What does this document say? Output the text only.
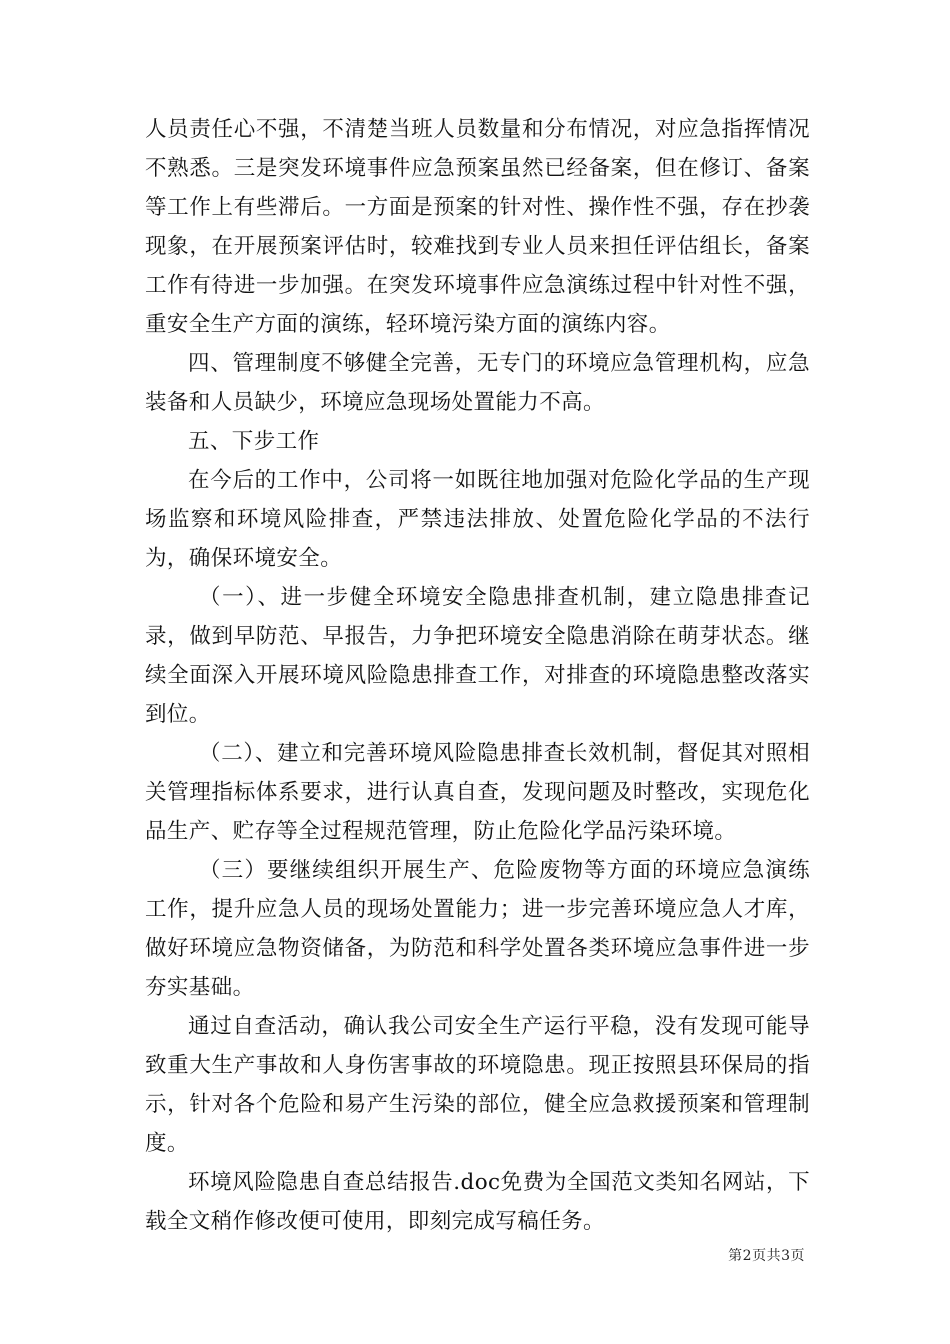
人员责任心不强，不清楚当班人员数量和分布情况，对应急指挥情况不熟悉。三是突发环境事件应急预案虽然已经备案，但在修订、备案等工作上有些滞后。一方面是预案的针对性、操作性不强，存在抄袭现象，在开展预案评估时，较难找到专业人员来担任评估组长，备案工作有待进一步加强。在突发环境事件应急演练过程中针对性不强，重安全生产方面的演练，轻环境污染方面的演练内容。

四、管理制度不够健全完善，无专门的环境应急管理机构，应急装备和人员缺少，环境应急现场处置能力不高。

五、下步工作

在今后的工作中，公司将一如既往地加强对危险化学品的生产现场监察和环境风险排查，严禁违法排放、处置危险化学品的不法行为，确保环境安全。

（一）、进一步健全环境安全隐患排查机制，建立隐患排查记录，做到早防范、早报告，力争把环境安全隐患消除在萌芽状态。继续全面深入开展环境风险隐患排查工作，对排查的环境隐患整改落实到位。

（二）、建立和完善环境风险隐患排查长效机制，督促其对照相关管理指标体系要求，进行认真自查，发现问题及时整改，实现危化品生产、贮存等全过程规范管理，防止危险化学品污染环境。

（三）要继续组织开展生产、危险废物等方面的环境应急演练工作，提升应急人员的现场处置能力；进一步完善环境应急人才库，做好环境应急物资储备，为防范和科学处置各类环境应急事件进一步夯实基础。

通过自查活动，确认我公司安全生产运行平稳，没有发现可能导致重大生产事故和人身伤害事故的环境隐患。现正按照县环保局的指示，针对各个危险和易产生污染的部位，健全应急救援预案和管理制度。

环境风险隐患自查总结报告.doc免费为全国范文类知名网站，下载全文稍作修改便可使用，即刻完成写稿任务。

第2页共3页
